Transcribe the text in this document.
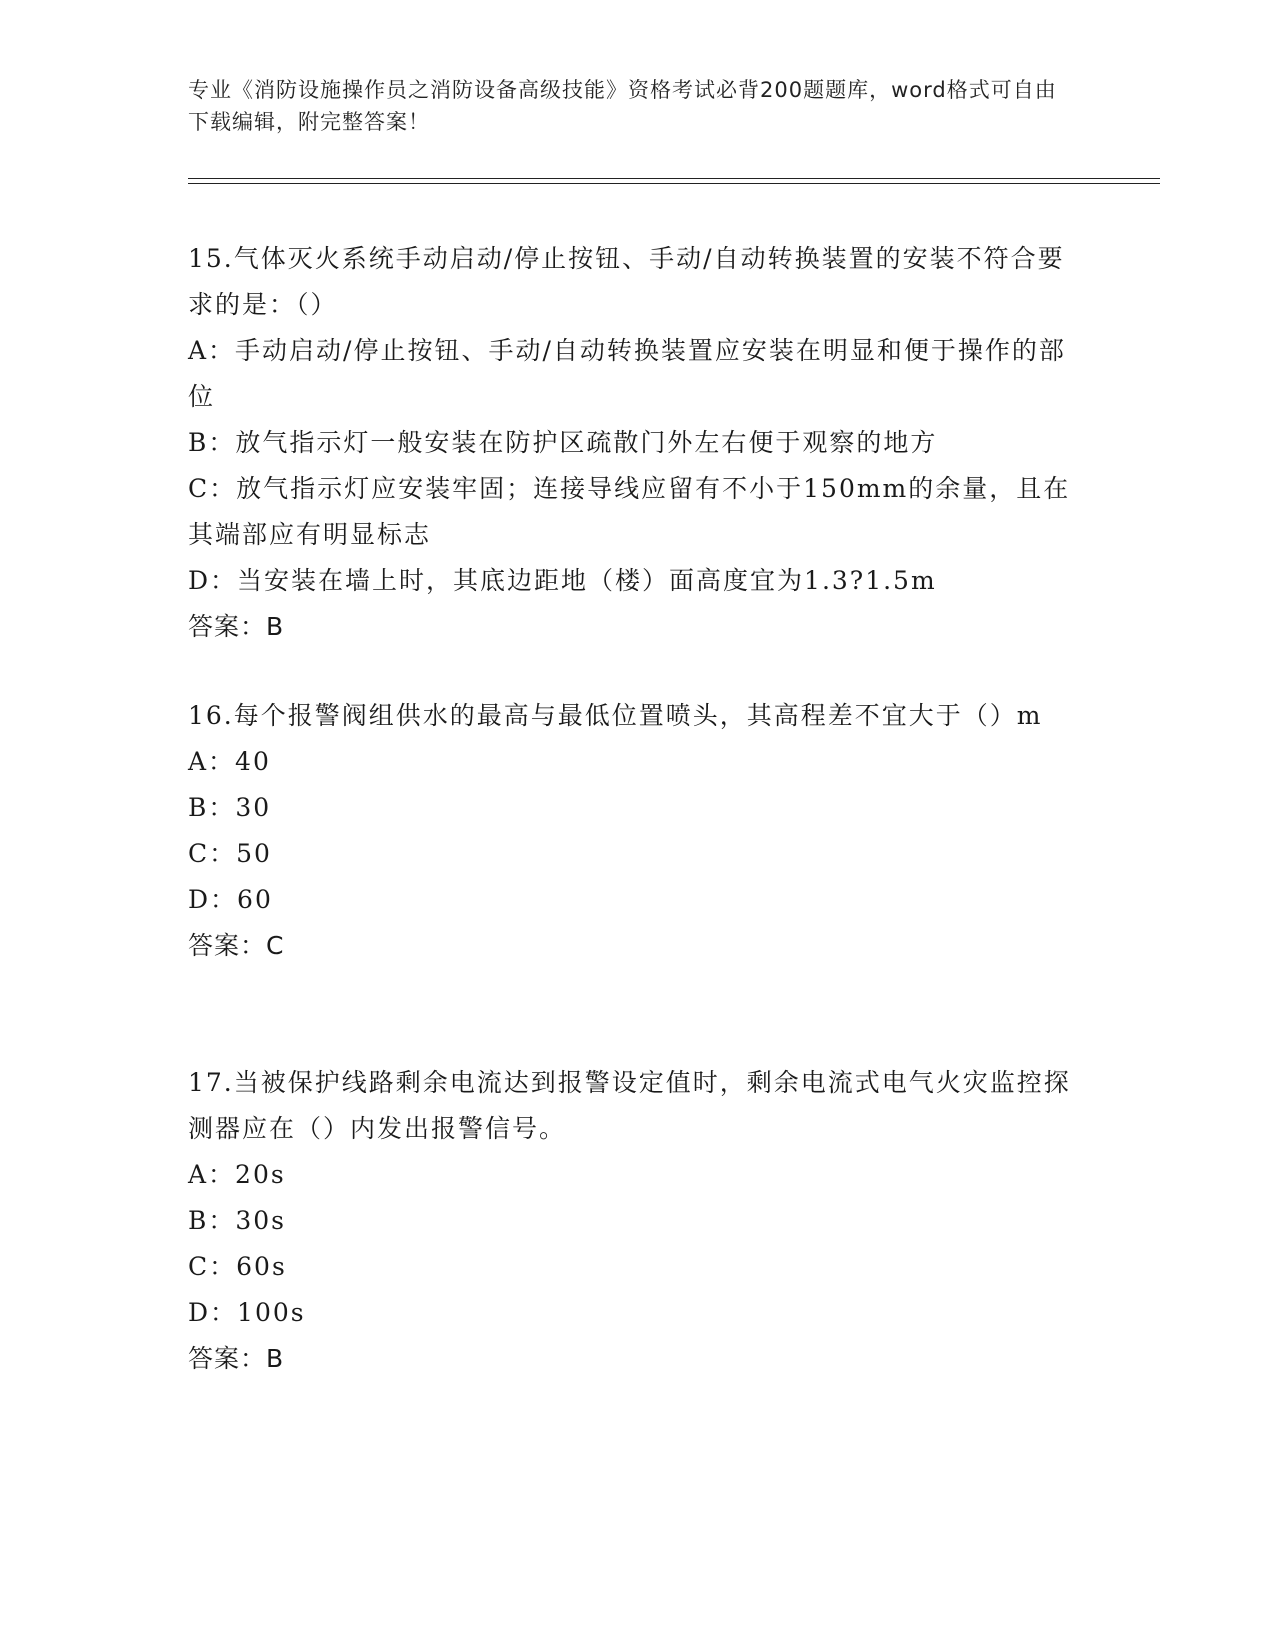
专业《消防设施操作员之消防设备高级技能》资格考试必背200题题库，word格式可自由下载编辑，附完整答案！

15.气体灭火系统手动启动/停止按钮、手动/自动转换装置的安装不符合要求的是：（）

A：手动启动/停止按钮、手动/自动转换装置应安装在明显和便于操作的部位

B：放气指示灯一般安装在防护区疏散门外左右便于观察的地方

C：放气指示灯应安装牢固；连接导线应留有不小于150mm的余量，且在其端部应有明显标志

D：当安装在墙上时，其底边距地（楼）面高度宜为1.3?1.5m

答案：B

16.每个报警阀组供水的最高与最低位置喷头，其高程差不宜大于（）m

A：40

B：30

C：50

D：60

答案：C

17.当被保护线路剩余电流达到报警设定值时，剩余电流式电气火灾监控探测器应在（）内发出报警信号。

A：20s

B：30s

C：60s

D：100s

答案：B
